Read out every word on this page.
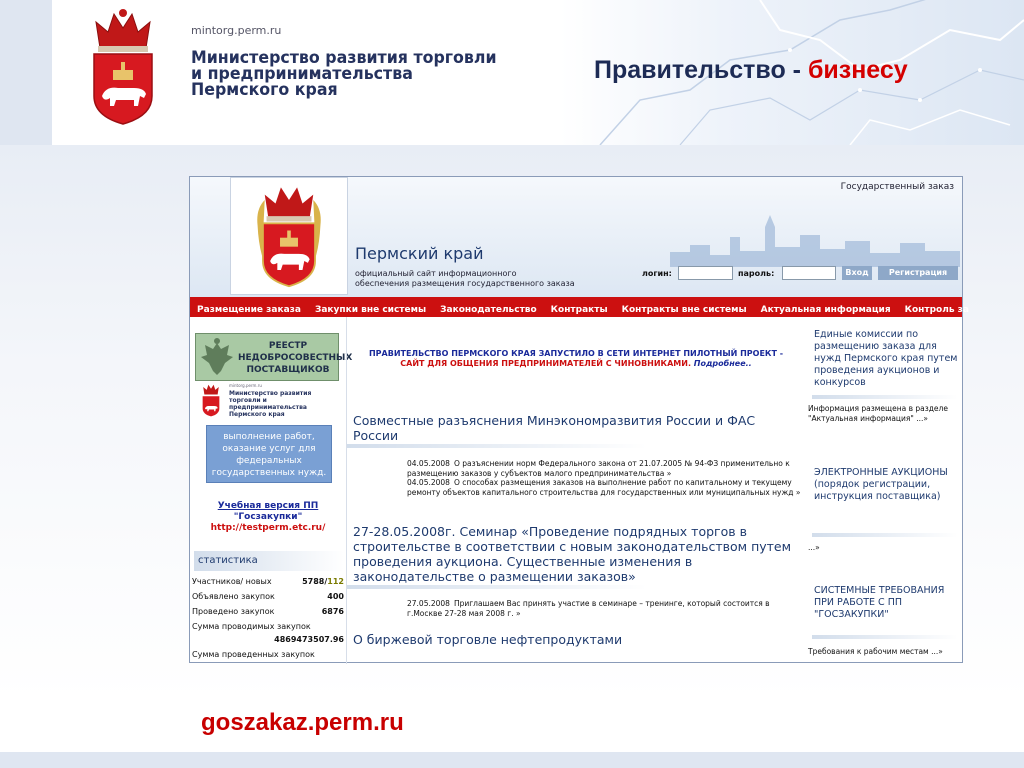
mintorg.perm.ru
Министерство развития торговли
и предпринимательства
Пермского края
Правительство - бизнесу
Государственный заказ
Пермский край
официальный сайт информационного
обеспечения размещения государственного заказа
логин:	пароль:	Вход	Регистрация
Размещение заказа Закупки вне системы Законодательство Контракты Контракты вне системы Актуальная информация Контроль за
РЕЕСТР
НЕДОБРОСОВЕСТНЫХ
ПОСТАВЩИКОВ
mintorg.perm.ru
Министерство развития торговли и предпринимательства Пермского края
выполнение работ, оказание услуг для федеральных государственных нужд.
Учебная версия ПП
"Госзакупки"
http://testperm.etc.ru/
статистика
Участников/ новых	5788/112
Объявлено закупок	400
Проведено закупок	6876
Сумма проводимых закупок
4869473507.96
Сумма проведенных закупок
ПРАВИТЕЛЬСТВО ПЕРМСКОГО КРАЯ ЗАПУСТИЛО В СЕТИ ИНТЕРНЕТ ПИЛОТНЫЙ ПРОЕКТ -
САЙТ ДЛЯ ОБЩЕНИЯ ПРЕДПРИНИМАТЕЛЕЙ С ЧИНОВНИКАМИ. Подробнее..
Совместные разъяснения Минэкономразвития России и ФАС России
04.05.2008 О разъяснении норм Федерального закона от 21.07.2005 № 94-ФЗ применительно к размещению заказов у субъектов малого предпринимательства »
04.05.2008 О способах размещения заказов на выполнение работ по капитальному и текущему ремонту объектов капитального строительства для государственных или муниципальных нужд »
27-28.05.2008г. Семинар «Проведение подрядных торгов в строительстве в соответствии с новым законодательством путем проведения аукциона. Существенные изменения в законодательстве о размещении заказов»
27.05.2008 Приглашаем Вас принять участие в семинаре – тренинге, который состоится в г.Москве 27-28 мая 2008 г. »
О биржевой торговле нефтепродуктами
Единые комиссии по размещению заказа для нужд Пермского края путем проведения аукционов и конкурсов
Информация размещена в разделе "Актуальная информация" ...»
ЭЛЕКТРОННЫЕ АУКЦИОНЫ (порядок регистрации, инструкция поставщика)
...»
СИСТЕМНЫЕ ТРЕБОВАНИЯ ПРИ РАБОТЕ С ПП "ГОСЗАКУПКИ"
Требования к рабочим местам ...»
goszakaz.perm.ru
